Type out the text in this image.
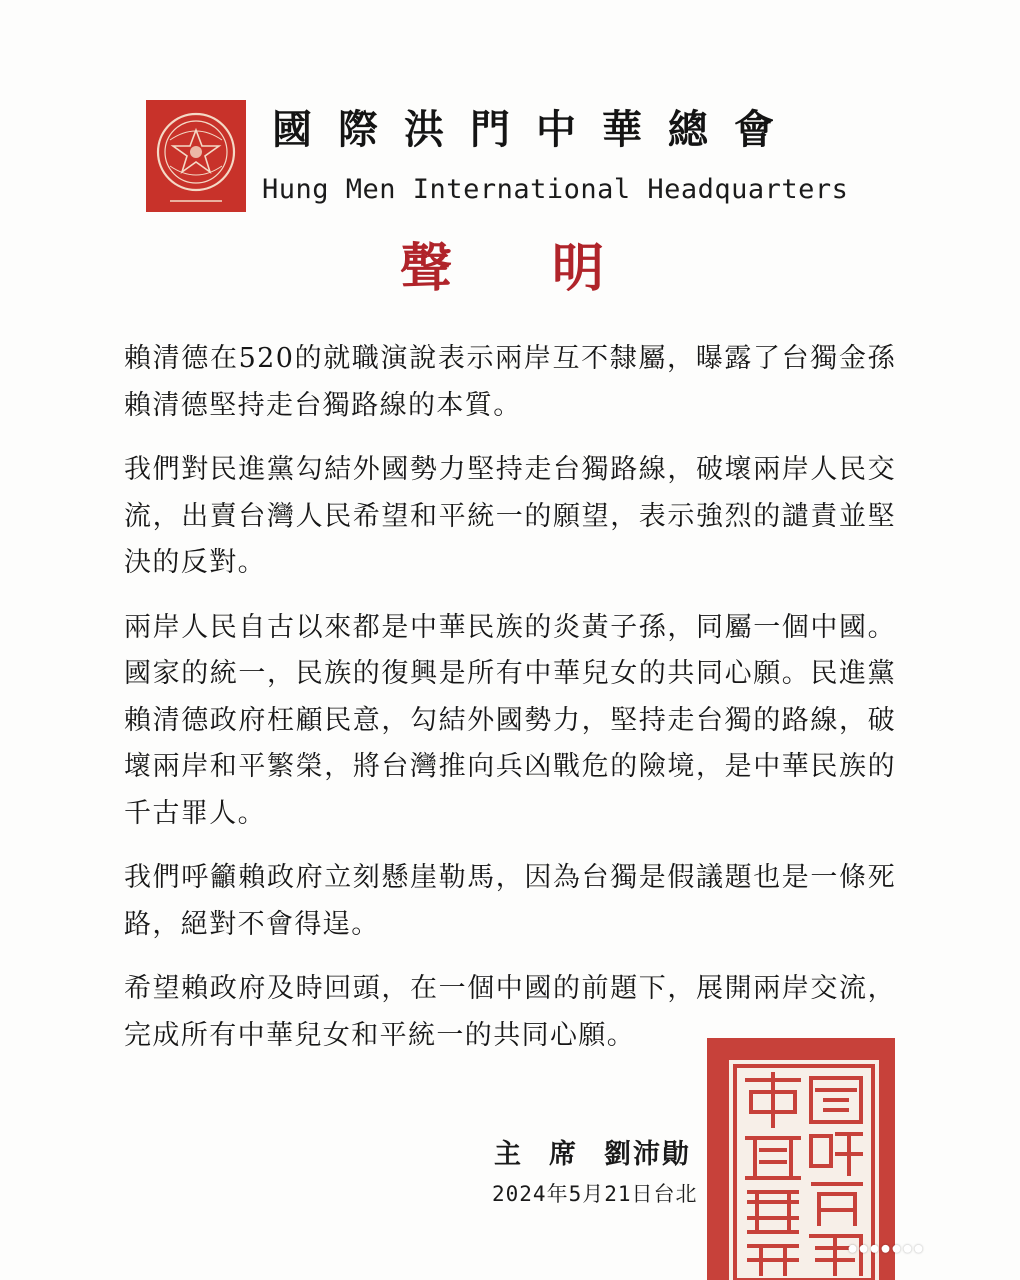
國際洪門中華總會
Hung Men International Headquarters
聲明

賴清德在520的就職演說表示兩岸互不隸屬，曝露了台獨金孫賴清德堅持走台獨路線的本質。

我們對民進黨勾結外國勢力堅持走台獨路線，破壞兩岸人民交流，出賣台灣人民希望和平統一的願望，表示強烈的譴責並堅決的反對。

兩岸人民自古以來都是中華民族的炎黃子孫，同屬一個中國。國家的統一，民族的復興是所有中華兒女的共同心願。民進黨賴清德政府枉顧民意，勾結外國勢力，堅持走台獨的路線，破壞兩岸和平繁榮，將台灣推向兵凶戰危的險境，是中華民族的千古罪人。

我們呼籲賴政府立刻懸崖勒馬，因為台獨是假議題也是一條死路，絕對不會得逞。

希望賴政府及時回頭，在一個中國的前題下，展開兩岸交流，完成所有中華兒女和平統一的共同心願。

主席劉沛勛
2024年5月21日台北
⦁⦁⦁⦁⦁⦁⦁
